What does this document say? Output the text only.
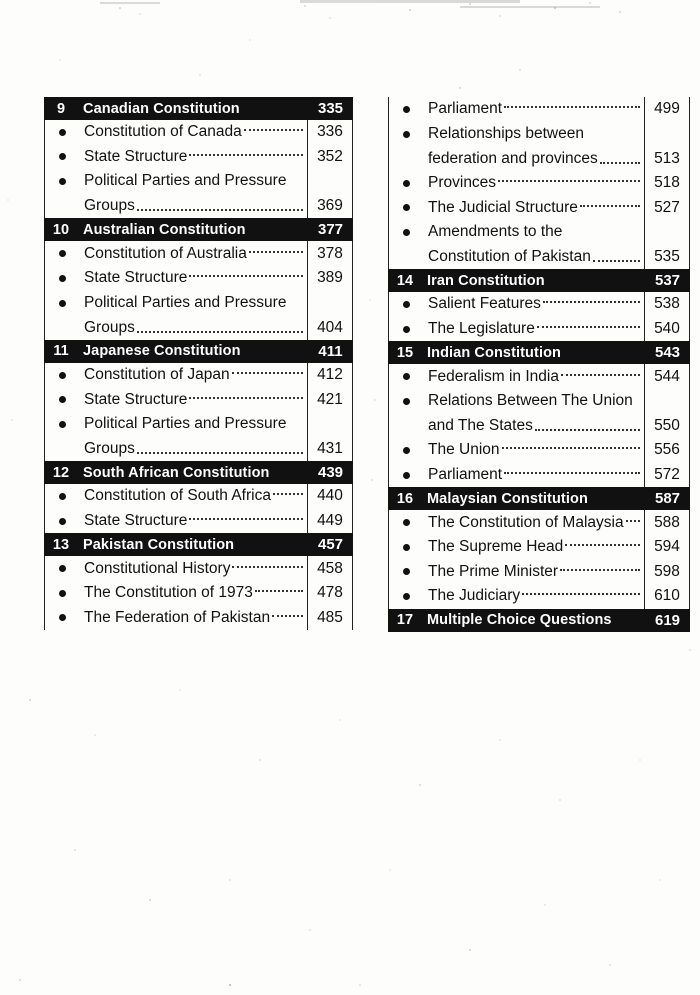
9	Canadian Constitution	335
Constitution of Canada	336
State Structure	352
Political Parties and Pressure
Groups	369
10 Australian Constitution	377
Constitution of Australia	378
State Structure	389
Political Parties and Pressure
Groups	404
11 Japanese Constitution	411
Constitution of Japan	412
State Structure	421
Political Parties and Pressure
Groups	431
12 South African Constitution	439
Constitution of South Africa	440
State Structure	449
13 Pakistan Constitution	457
Constitutional History	458
The Constitution of 1973	478
The Federation of Pakistan	485
Parliament	499
Relationships between
federation and provinces	513
Provinces	518
The Judicial Structure	527
Amendments to the
Constitution of Pakistan	535
14 Iran Constitution	537
Salient Features	538
The Legislature	540
15 Indian Constitution	543
Federalism in India	544
Relations Between The Union
and The States	550
The Union	556
Parliament	572
16 Malaysian Constitution	587
The Constitution of Malaysia	588
The Supreme Head	594
The Prime Minister	598
The Judiciary	610
17 Multiple Choice Questions	619
